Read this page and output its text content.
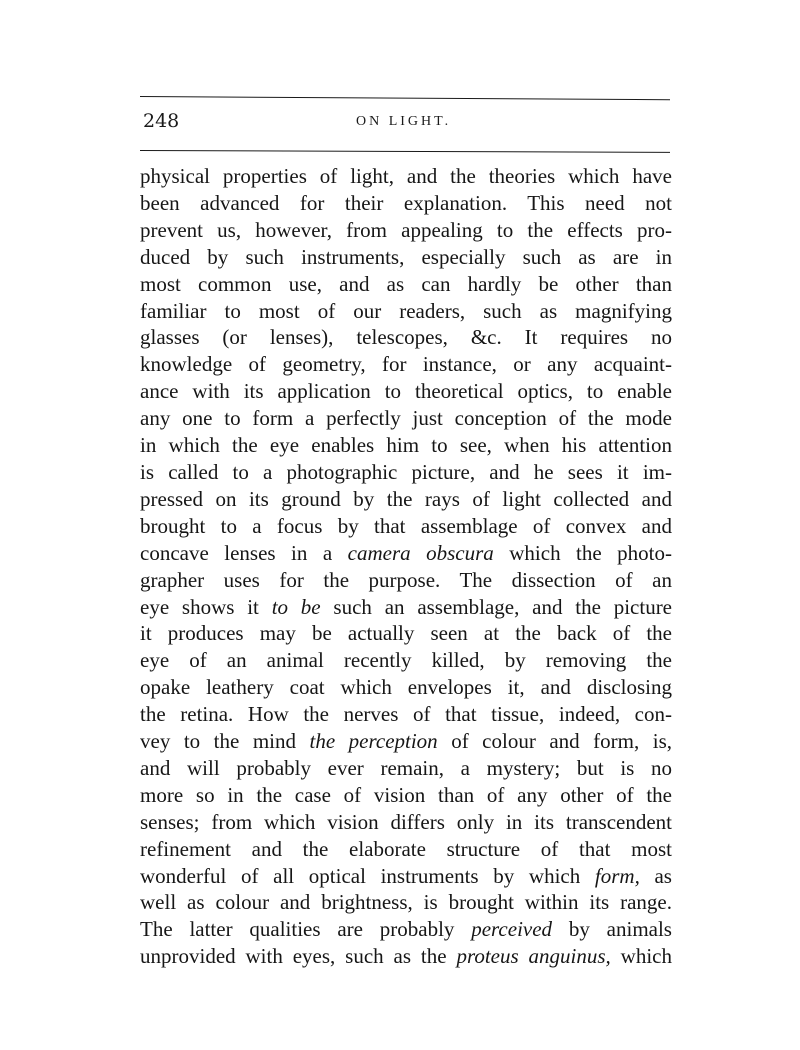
248	ON LIGHT.
physical properties of light, and the theories which have
been advanced for their explanation. This need not
prevent us, however, from appealing to the effects pro-
duced by such instruments, especially such as are in
most common use, and as can hardly be other than
familiar to most of our readers, such as magnifying
glasses (or lenses), telescopes, &c. It requires no
knowledge of geometry, for instance, or any acquaint-
ance with its application to theoretical optics, to enable
any one to form a perfectly just conception of the mode
in which the eye enables him to see, when his attention
is called to a photographic picture, and he sees it im-
pressed on its ground by the rays of light collected and
brought to a focus by that assemblage of convex and
concave lenses in a camera obscura which the photo-
grapher uses for the purpose. The dissection of an
eye shows it to be such an assemblage, and the picture
it produces may be actually seen at the back of the
eye of an animal recently killed, by removing the
opake leathery coat which envelopes it, and disclosing
the retina. How the nerves of that tissue, indeed, con-
vey to the mind the perception of colour and form, is,
and will probably ever remain, a mystery; but is no
more so in the case of vision than of any other of the
senses; from which vision differs only in its transcendent
refinement and the elaborate structure of that most
wonderful of all optical instruments by which form, as
well as colour and brightness, is brought within its range.
The latter qualities are probably perceived by animals
unprovided with eyes, such as the proteus anguinus, which
